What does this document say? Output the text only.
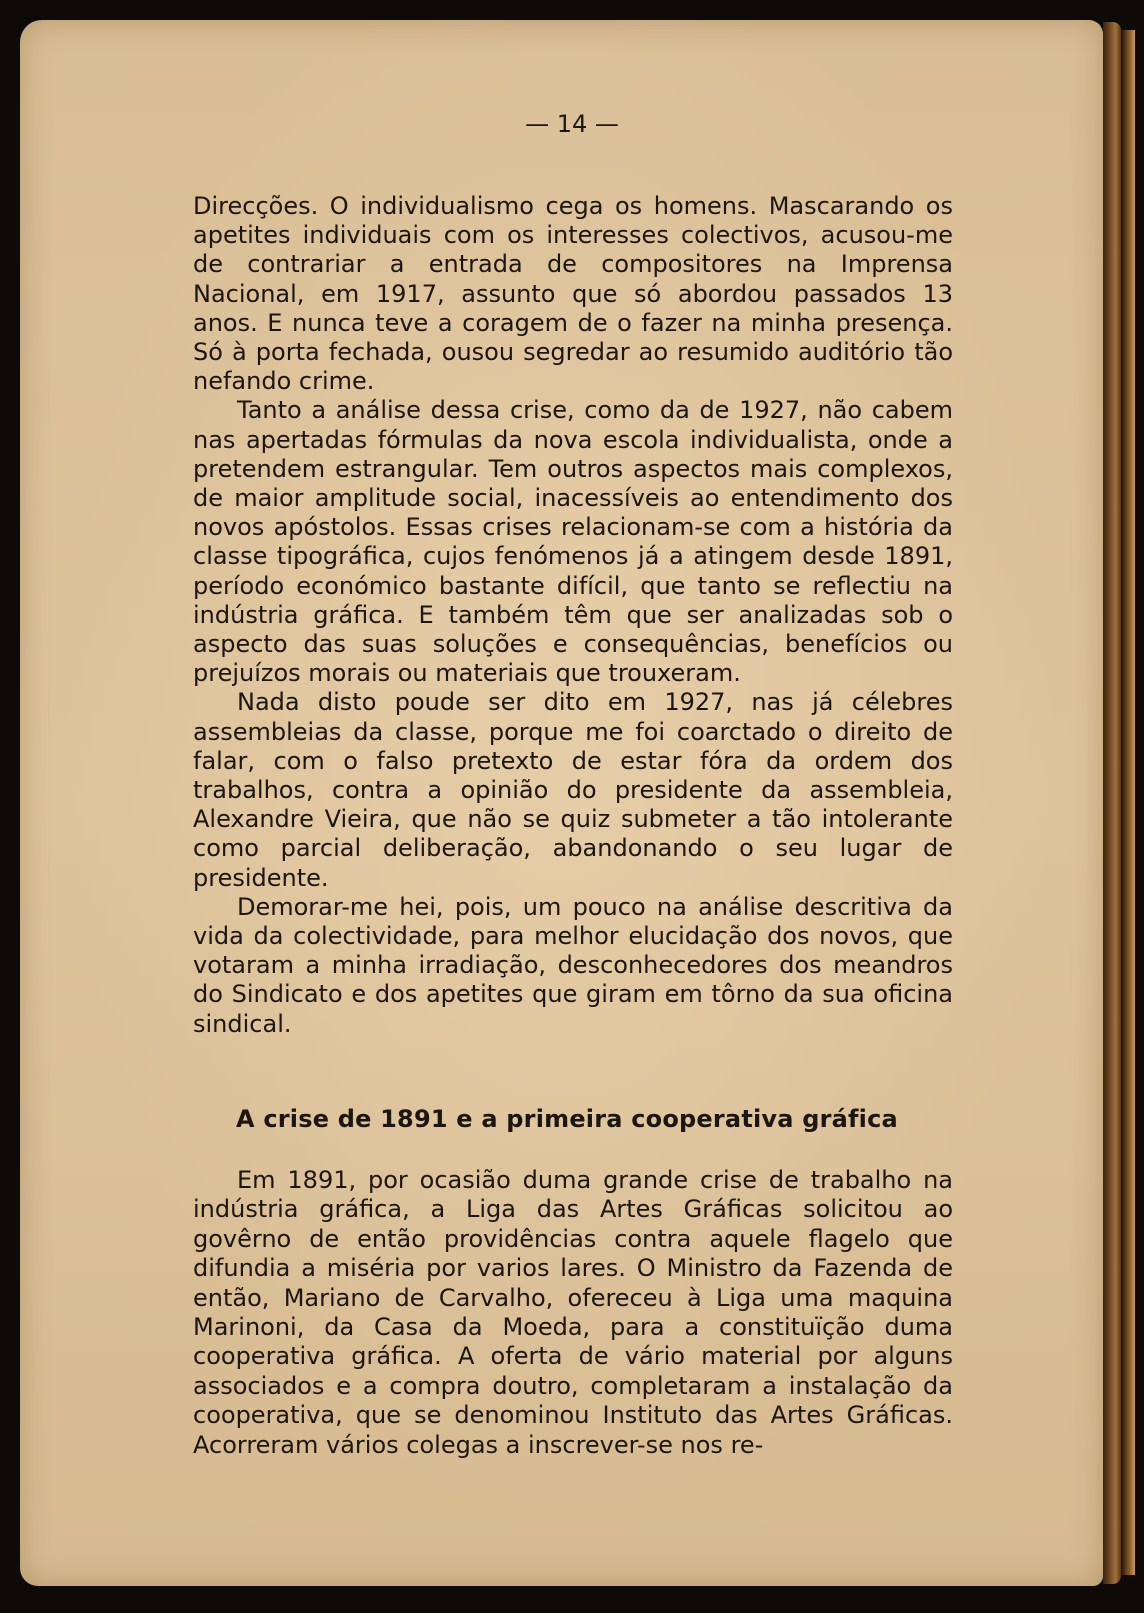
— 14 —

Direcções. O individualismo cega os homens. Mascarando os apetites individuais com os interesses colectivos, acusou-me de contrariar a entrada de compositores na Imprensa Nacional, em 1917, assunto que só abordou passados 13 anos. E nunca teve a coragem de o fazer na minha presença. Só à porta fechada, ousou segredar ao resumido auditório tão nefando crime.

Tanto a análise dessa crise, como da de 1927, não cabem nas apertadas fórmulas da nova escola individualista, onde a pretendem estrangular. Tem outros aspectos mais complexos, de maior amplitude social, inacessíveis ao entendimento dos novos apóstolos. Essas crises relacionam-se com a história da classe tipográfica, cujos fenómenos já a atingem desde 1891, período económico bastante difícil, que tanto se reflectiu na indústria gráfica. E também têm que ser analizadas sob o aspecto das suas soluções e consequências, benefícios ou prejuízos morais ou materiais que trouxeram.

Nada disto poude ser dito em 1927, nas já célebres assembleias da classe, porque me foi coarctado o direito de falar, com o falso pretexto de estar fóra da ordem dos trabalhos, contra a opinião do presidente da assembleia, Alexandre Vieira, que não se quiz submeter a tão intolerante como parcial deliberação, abandonando o seu lugar de presidente.

Demorar-me hei, pois, um pouco na análise descritiva da vida da colectividade, para melhor elucidação dos novos, que votaram a minha irradiação, desconhecedores dos meandros do Sindicato e dos apetites que giram em tôrno da sua oficina sindical.

A crise de 1891 e a primeira cooperativa gráfica

Em 1891, por ocasião duma grande crise de trabalho na indústria gráfica, a Liga das Artes Gráficas solicitou ao govêrno de então providências contra aquele flagelo que difundia a miséria por varios lares. O Ministro da Fazenda de então, Mariano de Carvalho, ofereceu à Liga uma maquina Marinoni, da Casa da Moeda, para a constituïção duma cooperativa gráfica. A oferta de vário material por alguns associados e a compra doutro, completaram a instalação da cooperativa, que se denominou Instituto das Artes Gráficas. Acorreram vários colegas a inscrever-se nos re-
